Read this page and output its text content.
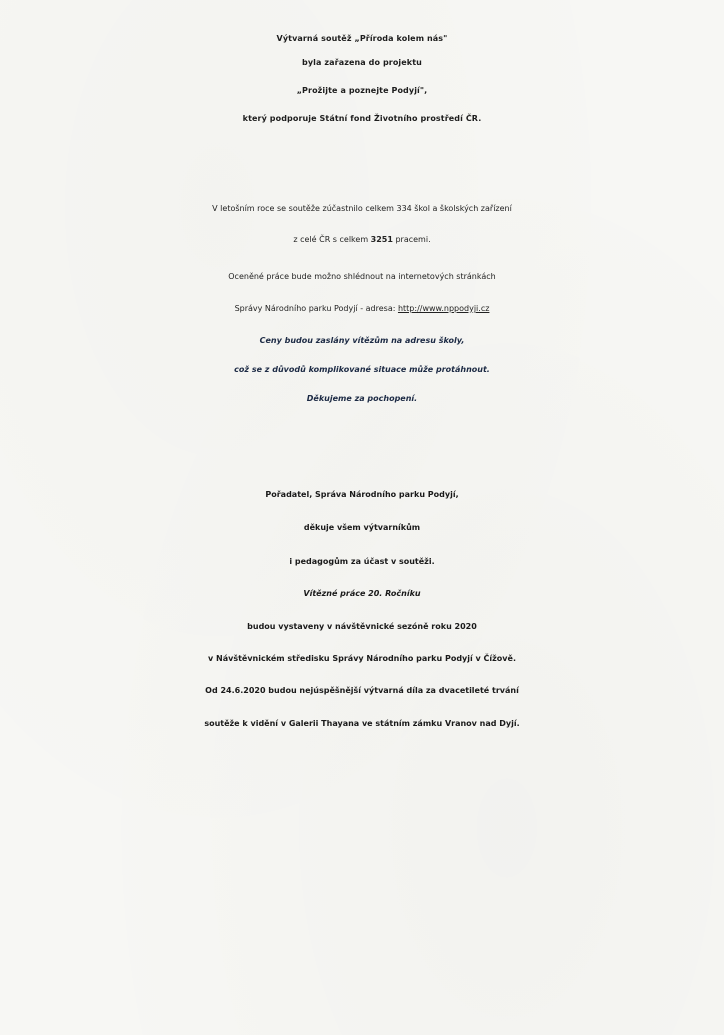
Výtvarná soutěž „Příroda kolem nás"
byla zařazena do projektu
„Prožijte a poznejte Podyjí",
který podporuje Státní fond Životního prostředí ČR.
V letošním roce se soutěže zúčastnilo celkem 334 škol a školských zařízení
z celé ČR s celkem 3251 pracemi.
Oceněné práce bude možno shlédnout na internetových stránkách
Správy Národního parku Podyjí - adresa: http://www.nppodyji.cz
Ceny budou zaslány vítězům na adresu školy,
což se z důvodů komplikované situace může protáhnout.
Děkujeme za pochopení.
Pořadatel, Správa Národního parku Podyjí,
děkuje všem výtvarníkům
i pedagogům za účast v soutěži.
Vítězné práce 20. Ročníku
budou vystaveny v návštěvnické sezóně roku 2020
v Návštěvnickém středisku Správy Národního parku Podyjí v Čížově.
Od 24.6.2020 budou nejúspěšnější výtvarná díla za dvacetileté trvání
soutěže k vidění v Galerii Thayana ve státním zámku Vranov nad Dyjí.
